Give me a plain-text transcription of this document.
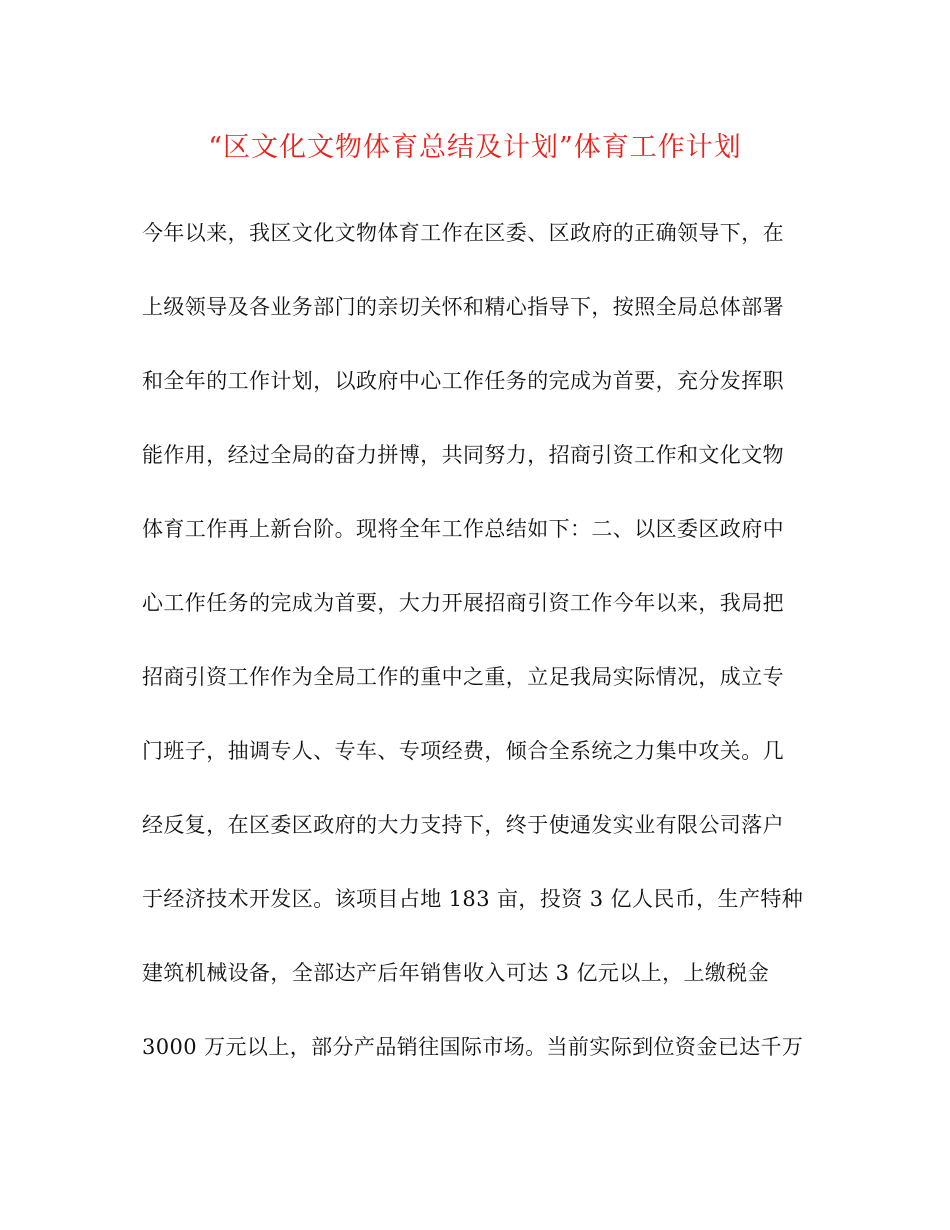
“区文化文物体育总结及计划”体育工作计划

今年以来，我区文化文物体育工作在区委、区政府的正确领导下，在

上级领导及各业务部门的亲切关怀和精心指导下，按照全局总体部署

和全年的工作计划，以政府中心工作任务的完成为首要，充分发挥职

能作用，经过全局的奋力拼博，共同努力，招商引资工作和文化文物

体育工作再上新台阶。现将全年工作总结如下：二、以区委区政府中

心工作任务的完成为首要，大力开展招商引资工作今年以来，我局把

招商引资工作作为全局工作的重中之重，立足我局实际情况，成立专

门班子，抽调专人、专车、专项经费，倾合全系统之力集中攻关。几

经反复，在区委区政府的大力支持下，终于使通发实业有限公司落户

于经济技术开发区。该项目占地 183 亩，投资 3 亿人民币，生产特种

建筑机械设备，全部达产后年销售收入可达 3 亿元以上，上缴税金

3000 万元以上，部分产品销往国际市场。当前实际到位资金已达千万
